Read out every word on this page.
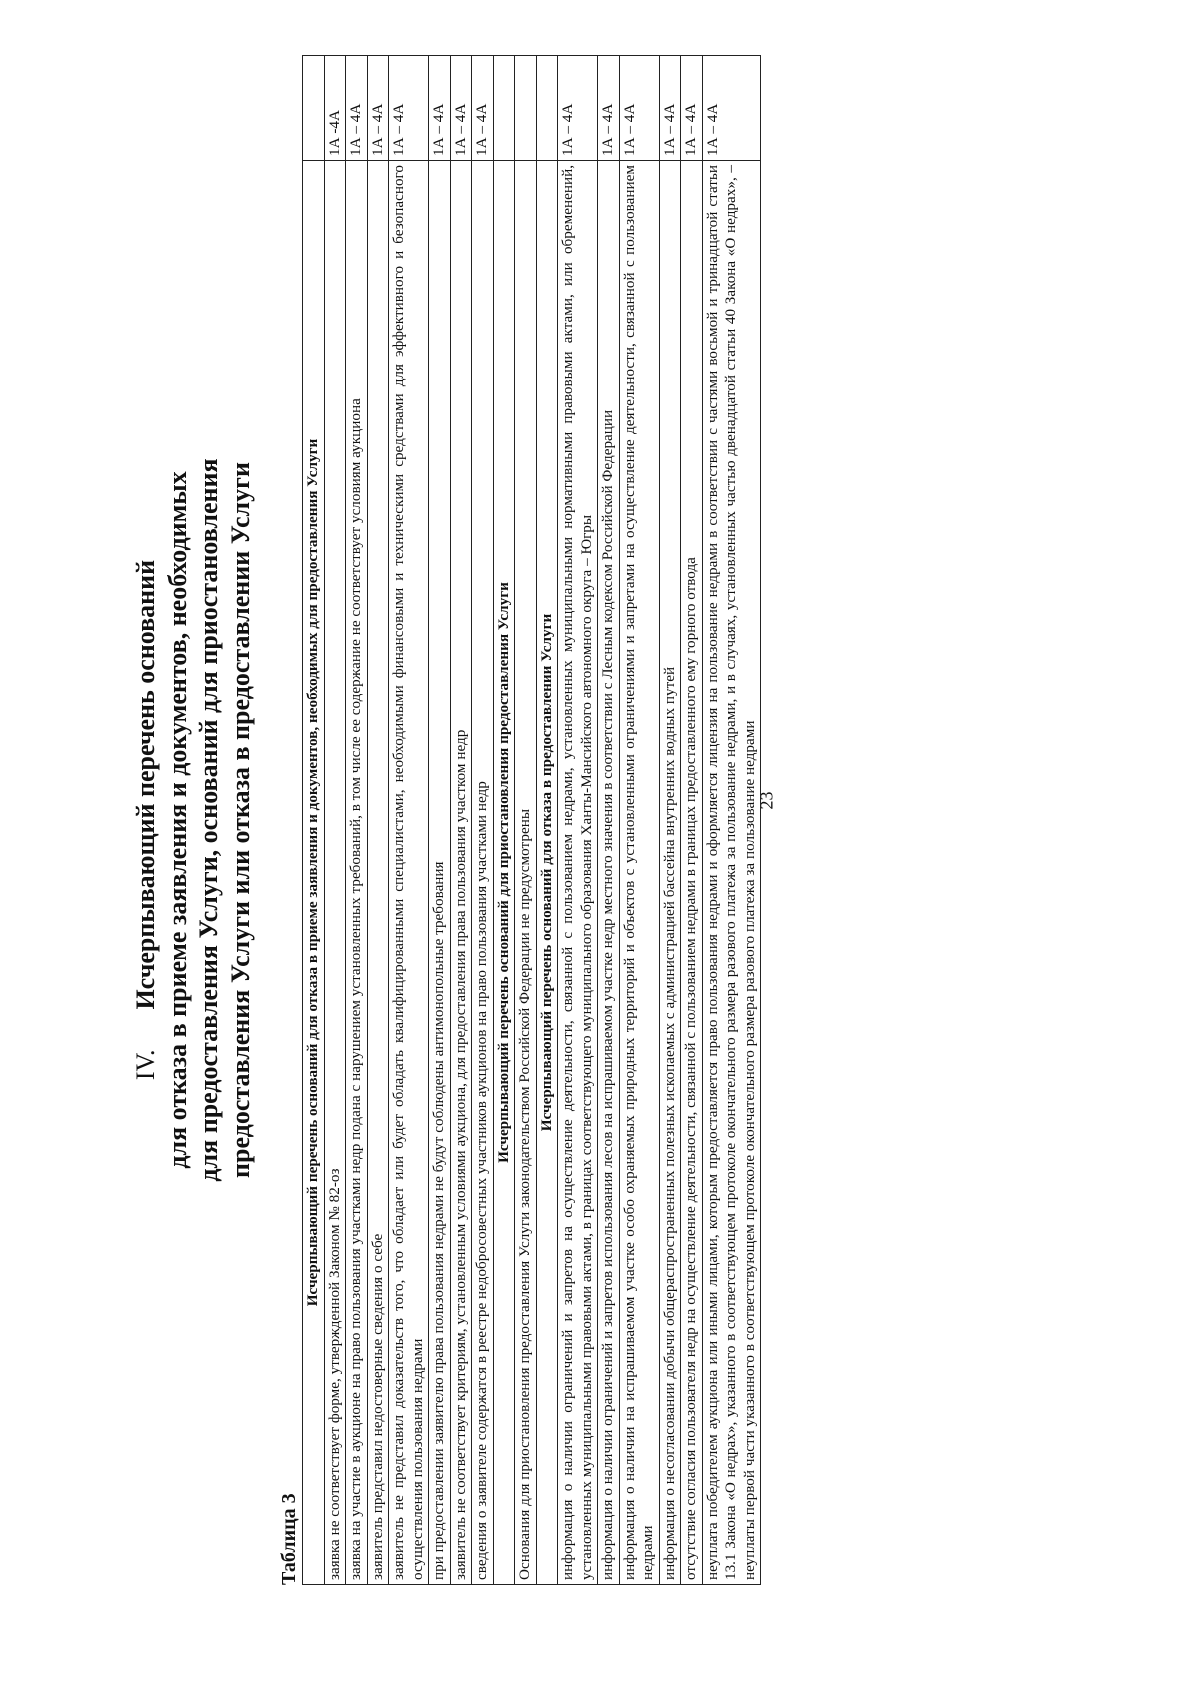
23
IV.Исчерпывающий перечень оснований для отказа в приеме заявления и документов, необходимых для предоставления Услуги, оснований для приостановления предоставления Услуги или отказа в предоставлении Услуги
Таблица 3
Исчерпывающий перечень оснований для отказа в приеме заявления и документов, необходимых для предоставления Услуги	

заявка не соответствует форме, утвержденной Законом № 82-оз	1А -4А

заявка на участие в аукционе на право пользования участками недр подана с нарушением установленных требований, в том числе ее содержание не соответствует условиям аукциона	1А – 4А

заявитель представил недостоверные сведения о себе	1А – 4А

заявитель не представил доказательств того, что обладает или будет обладать квалифицированными специалистами, необходимыми финансовыми и техническими средствами для эффективного и безопасного осуществления пользования недрами	1А – 4А

при предоставлении заявителю права пользования недрами не будут соблюдены антимонопольные требования	1А – 4А

заявитель не соответствует критериям, установленным условиями аукциона, для предоставления права пользования участком недр	1А – 4А

сведения о заявителе содержатся в реестре недобросовестных участников аукционов на право пользования участками недр	1А – 4А
Исчерпывающий перечень оснований для приостановления предоставления Услуги	

Основания для приостановления предоставления Услуги законодательством Российской Федерации не предусмотрены	

Исчерпывающий перечень оснований для отказа в предоставлении Услуги	

информация о наличии ограничений и запретов на осуществление деятельности, связанной с пользованием недрами, установленных муниципальными нормативными правовыми актами, или обременений, установленных муниципальными правовыми актами, в границах соответствующего муниципального образования Ханты-Мансийского автономного округа – Югры	1А – 4А

информация о наличии ограничений и запретов использования лесов на испрашиваемом участке недр местного значения в соответствии с Лесным кодексом Российской Федерации	1А – 4А

информация о наличии на испрашиваемом участке особо охраняемых природных территорий и объектов с установленными ограничениями и запретами на осуществление деятельности, связанной с пользованием недрами	1А – 4А

информация о несогласовании добычи общераспространенных полезных ископаемых с администрацией бассейна внутренних водных путей	1А – 4А

отсутствие согласия пользователя недр на осуществление деятельности, связанной с пользованием недрами в границах предоставленного ему горного отвода	1А – 4А

неуплата победителем аукциона или иными лицами, которым предоставляется право пользования недрами и оформляется лицензия на пользование недрами в соответствии с частями восьмой и тринадцатой статьи 13.1 Закона «О недрах», указанного в соответствующем протоколе окончательного размера разового платежа за пользование недрами, и в случаях, установленных частью двенадцатой статьи 40 Закона «О недрах», – неуплаты первой части указанного в соответствующем протоколе окончательного размера разового платежа за пользование недрами	1А – 4А
